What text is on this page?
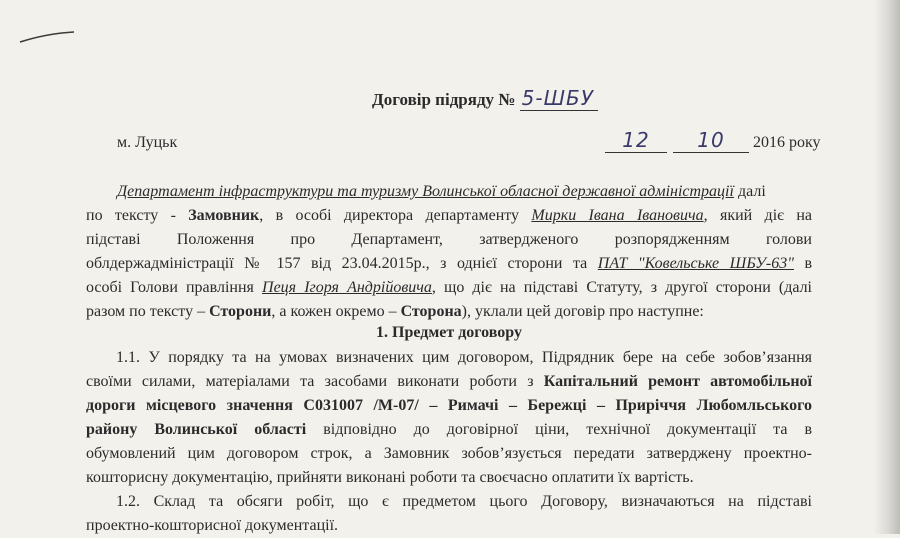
Договір підряду № 5-ШБУ
м. Луцьк	12 10 2016 року
Департамент інфраструктури та туризму Волинської обласної державної адміністрації далі
по тексту - Замовник, в особі директора департаменту Мирки Івана Івановича, який діє на
підставі Положення про Департамент, затвердженого розпорядженням голови
облдержадміністрації № 157 від 23.04.2015р., з однієї сторони та ПАТ "Ковельське ШБУ-63" в
особі Голови правління Пеця Ігоря Андрійовича, що діє на підставі Статуту, з другої сторони (далі
разом по тексту – Сторони, а кожен окремо – Сторона), уклали цей договір про наступне:
1. Предмет договору
1.1. У порядку та на умовах визначених цим договором, Підрядник бере на себе зобов’язання
своїми силами, матеріалами та засобами виконати роботи з Капітальний ремонт автомобільної
дороги місцевого значення С031007 /М-07/ – Римачі – Бережці – Приріччя Любомльського
району Волинської області відповідно до договірної ціни, технічної документації та в
обумовлений цим договором строк, а Замовник зобов’язується передати затверджену проектно-
кошторисну документацію, прийняти виконані роботи та своєчасно оплатити їх вартість.
1.2. Склад та обсяги робіт, що є предметом цього Договору, визначаються на підставі
проектно-кошторисної документації.
